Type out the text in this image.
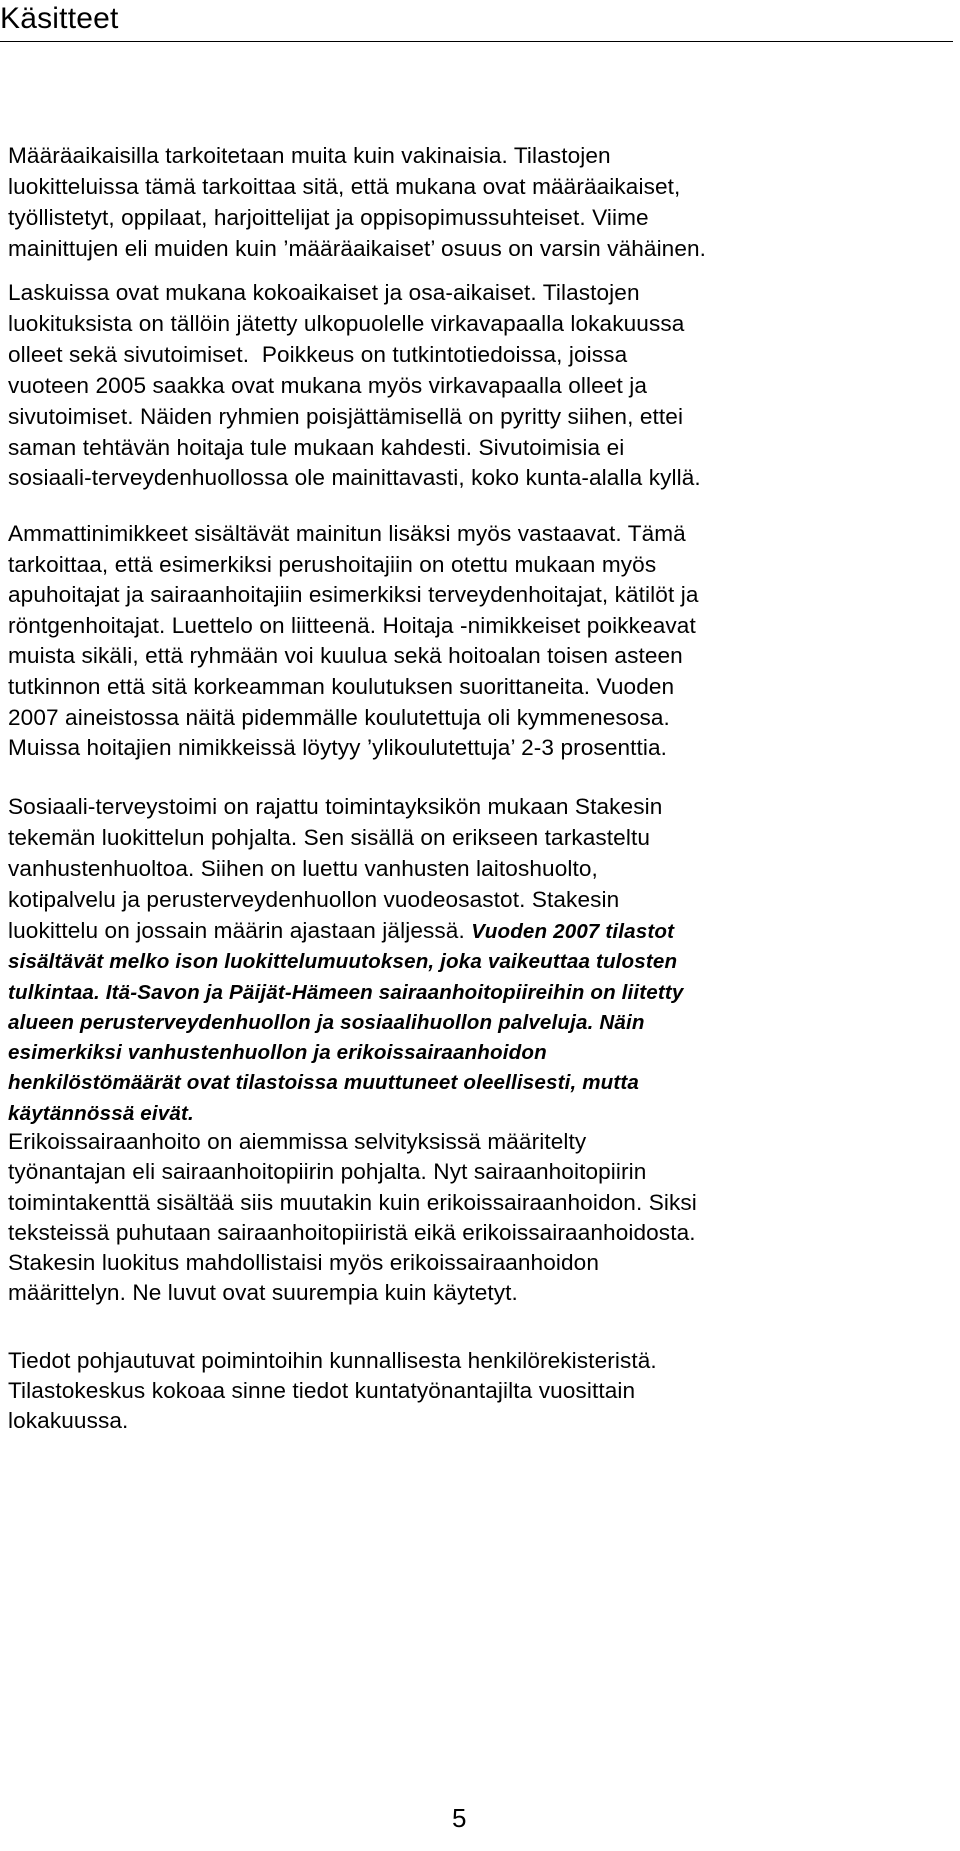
Käsitteet

Määräaikaisilla tarkoitetaan muita kuin vakinaisia. Tilastojen

luokitteluissa tämä tarkoittaa sitä, että mukana ovat määräaikaiset,

työllistetyt, oppilaat, harjoittelijat ja oppisopimussuhteiset. Viime

mainittujen eli muiden kuin ’määräaikaiset’ osuus on varsin vähäinen.

Laskuissa ovat mukana kokoaikaiset ja osa-aikaiset. Tilastojen

luokituksista on tällöin jätetty ulkopuolelle virkavapaalla lokakuussa

olleet sekä sivutoimiset.  Poikkeus on tutkintotiedoissa, joissa

vuoteen 2005 saakka ovat mukana myös virkavapaalla olleet ja

sivutoimiset. Näiden ryhmien poisjättämisellä on pyritty siihen, ettei

saman tehtävän hoitaja tule mukaan kahdesti. Sivutoimisia ei

sosiaali-terveydenhuollossa ole mainittavasti, koko kunta-alalla kyllä.

Ammattinimikkeet sisältävät mainitun lisäksi myös vastaavat. Tämä

tarkoittaa, että esimerkiksi perushoitajiin on otettu mukaan myös

apuhoitajat ja sairaanhoitajiin esimerkiksi terveydenhoitajat, kätilöt ja

röntgenhoitajat. Luettelo on liitteenä. Hoitaja -nimikkeiset poikkeavat

muista sikäli, että ryhmään voi kuulua sekä hoitoalan toisen asteen

tutkinnon että sitä korkeamman koulutuksen suorittaneita. Vuoden

2007 aineistossa näitä pidemmälle koulutettuja oli kymmenesosa.

Muissa hoitajien nimikkeissä löytyy ’ylikoulutettuja’ 2-3 prosenttia.

Sosiaali-terveystoimi on rajattu toimintayksikön mukaan Stakesin

tekemän luokittelun pohjalta. Sen sisällä on erikseen tarkasteltu

vanhustenhuoltoa. Siihen on luettu vanhusten laitoshuolto,

kotipalvelu ja perusterveydenhuollon vuodeosastot. Stakesin

luokittelu on jossain määrin ajastaan jäljessä. Vuoden 2007 tilastot

sisältävät melko ison luokittelumuutoksen, joka vaikeuttaa tulosten

tulkintaa. Itä-Savon ja Päijät-Hämeen sairaanhoitopiireihin on liitetty

alueen perusterveydenhuollon ja sosiaalihuollon palveluja. Näin

esimerkiksi vanhustenhuollon ja erikoissairaanhoidon

henkilöstömäärät ovat tilastoissa muuttuneet oleellisesti, mutta

käytännössä eivät.

Erikoissairaanhoito on aiemmissa selvityksissä määritelty

työnantajan eli sairaanhoitopiirin pohjalta. Nyt sairaanhoitopiirin

toimintakenttä sisältää siis muutakin kuin erikoissairaanhoidon. Siksi

teksteissä puhutaan sairaanhoitopiiristä eikä erikoissairaanhoidosta.

Stakesin luokitus mahdollistaisi myös erikoissairaanhoidon

määrittelyn. Ne luvut ovat suurempia kuin käytetyt.

Tiedot pohjautuvat poimintoihin kunnallisesta henkilörekisteristä.

Tilastokeskus kokoaa sinne tiedot kuntatyönantajilta vuosittain

lokakuussa.

5
